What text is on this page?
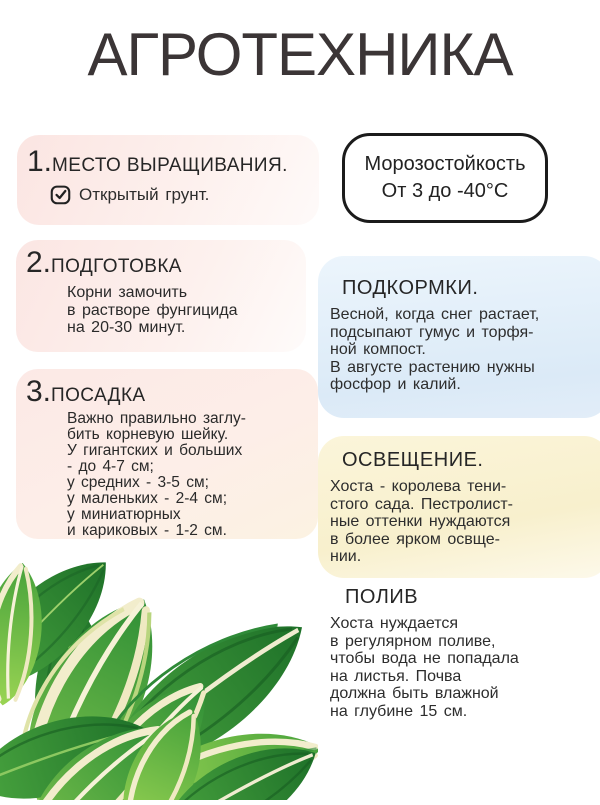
АГРОТЕХНИКА
1. МЕСТО ВЫРАЩИВАНИЯ.
Открытый грунт.
Морозостойкость
От 3 до -40°С
2. ПОДГОТОВКА
Корни замочить
в растворе фунгицида
на 20-30 минут.
3. ПОСАДКА
Важно правильно заглу-
бить корневую шейку.
У гигантских и больших
- до 4-7 см;
у средних - 3-5 см;
у маленьких - 2-4 см;
у миниатюрных
и кариковых - 1-2 см.
ПОДКОРМКИ.
Весной, когда снег растает,
подсыпают гумус и торфя-
ной компост.
В августе растению нужны
фосфор и калий.
ОСВЕЩЕНИЕ.
Хоста - королева тени-
стого сада. Пестролист-
ные оттенки нуждаются
в более ярком освще-
нии.
ПОЛИВ
Хоста нуждается
в регулярном поливе,
чтобы вода не попадала
на листья. Почва
должна быть влажной
на глубине 15 см.
